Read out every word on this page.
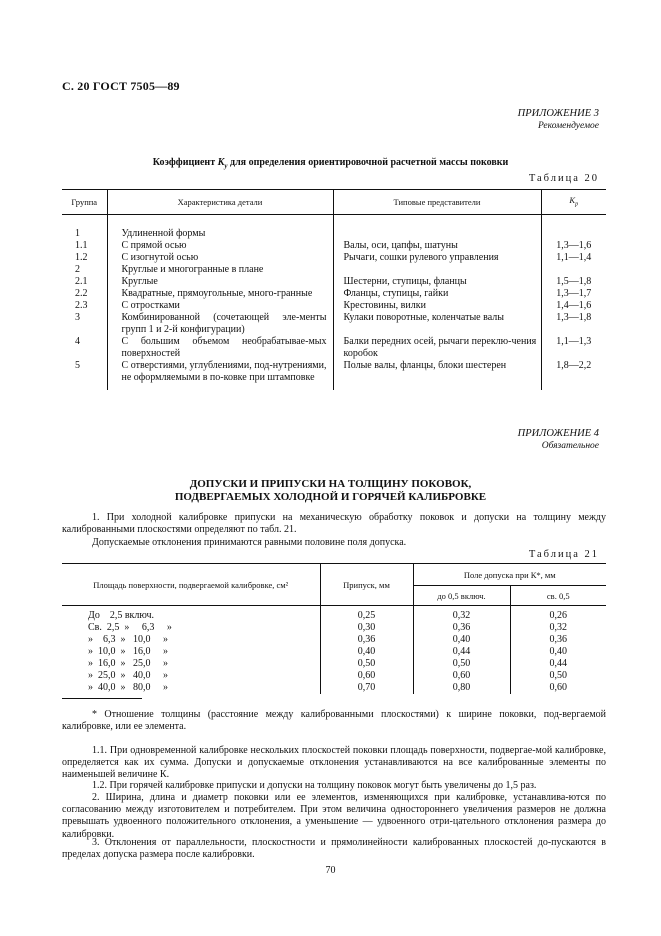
С. 20 ГОСТ 7505—89
ПРИЛОЖЕНИЕ 3
Рекомендуемое
Коэффициент $К_у$ для определения ориентировочной расчетной массы поковки
Таблица 20
Группа	Характеристика детали	Типовые представители	$К_р$
1	Удлиненной формы		
1.1	С прямой осью	Валы, оси, цапфы, шатуны	1,3—1,6
1.2	С изогнутой осью	Рычаги, сошки рулевого управления	1,1—1,4
2	Круглые и многогранные в плане		
2.1	Круглые	Шестерни, ступицы, фланцы	1,5—1,8
2.2	Квадратные, прямоугольные, много-гранные	Фланцы, ступицы, гайки	1,3—1,7
2.3	С отростками	Крестовины, вилки	1,4—1,6
3	Комбинированной (сочетающей эле-менты групп 1 и 2-й конфигурации)	Кулаки поворотные, коленчатые валы	1,3—1,8
4	С большим объемом необрабатывае-мых поверхностей	Балки передних осей, рычаги переклю-чения коробок	1,1—1,3
5	С отверстиями, углублениями, под-нутрениями, не оформляемыми в по-ковке при штамповке	Полые валы, фланцы, блоки шестерен	1,8—2,2

ПРИЛОЖЕНИЕ 4
Обязательное
ДОПУСКИ И ПРИПУСКИ НА ТОЛЩИНУ ПОКОВОК,
ПОДВЕРГАЕМЫХ ХОЛОДНОЙ И ГОРЯЧЕЙ КАЛИБРОВКЕ
1. При холодной калибровке припуски на механическую обработку поковок и допуски на толщину между калиброванными плоскостями определяют по табл. 21.
Допускаемые отклонения принимаются равными половине поля допуска.
Таблица 21
Площадь поверхности, подвергаемой калибровке, см²	Припуск, мм	Поле допуска при К*, мм	
		до 0,5 включ.	св. 0,5
До    2,5 включ.	0,25	0,32	0,26
Св.  2,5  »     6,3     »	0,30	0,36	0,32
»    6,3  »   10,0     »	0,36	0,40	0,36
»  10,0  »   16,0     »	0,40	0,44	0,40
»  16,0  »   25,0     »	0,50	0,50	0,44
»  25,0  »   40,0     »	0,60	0,60	0,50
»  40,0  »   80,0     »	0,70	0,80	0,60
* Отношение толщины (расстояние между калиброванными плоскостями) к ширине поковки, под-вергаемой калибровке, или ее элемента.
1.1. При одновременной калибровке нескольких плоскостей поковки площадь поверхности, подвергае-мой калибровке, определяется как их сумма. Допуски и допускаемые отклонения устанавливаются на все калиброванные элементы по наименьшей величине К.
1.2. При горячей калибровке припуски и допуски на толщину поковок могут быть увеличены до 1,5 раз.
2. Ширина, длина и диаметр поковки или ее элементов, изменяющихся при калибровке, устанавлива-ются по согласованию между изготовителем и потребителем. При этом величина одностороннего увеличения размеров не должна превышать удвоенного положительного отклонения, а уменьшение — удвоенного отри-цательного отклонения размера до калибровки.
3. Отклонения от параллельности, плоскостности и прямолинейности калиброванных плоскостей до-пускаются в пределах допуска размера после калибровки.
70
